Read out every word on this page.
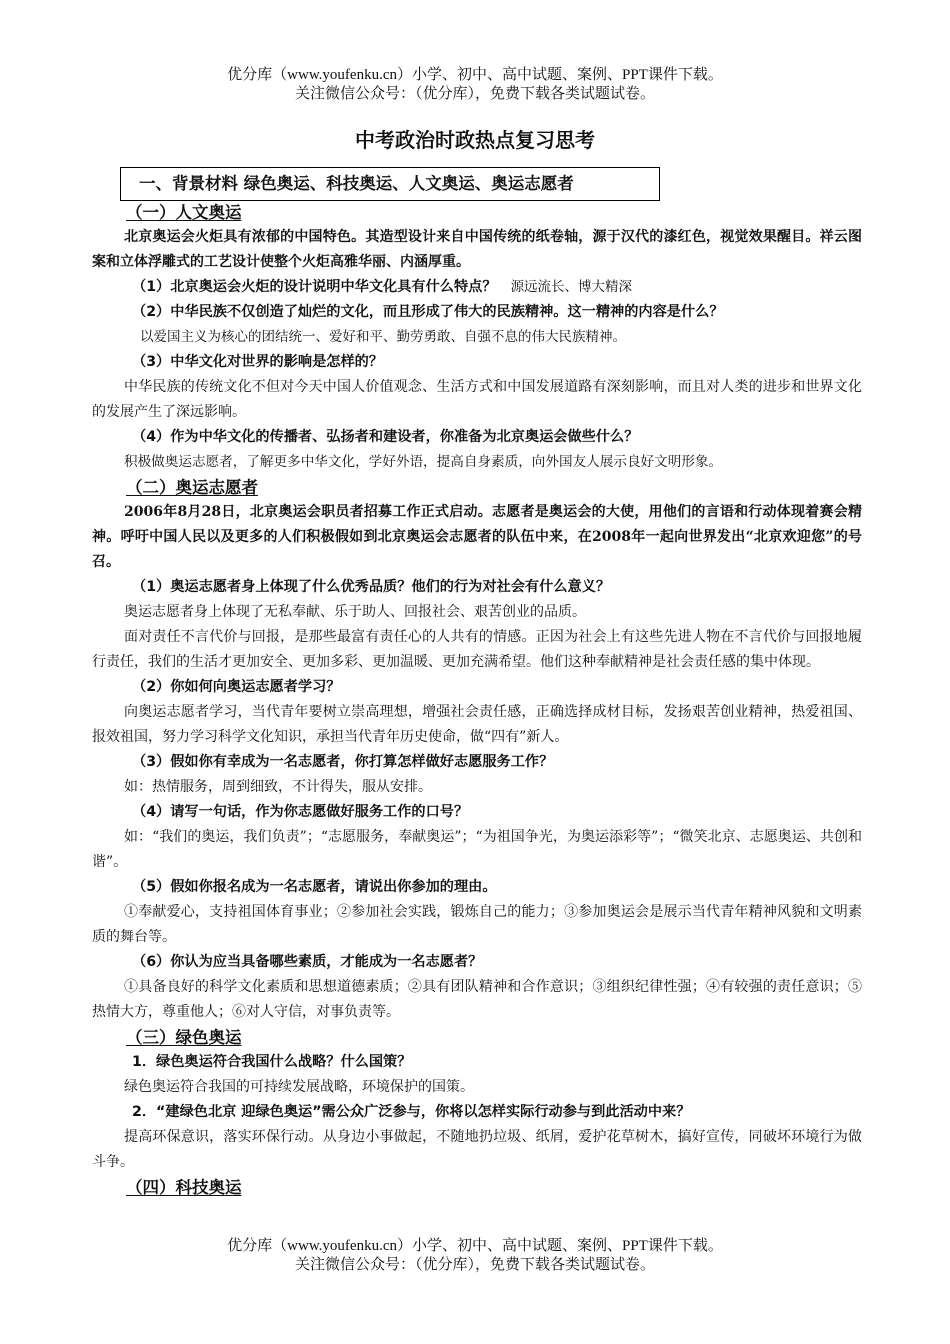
优分库（www.youfenku.cn）小学、初中、高中试题、案例、PPT课件下载。
关注微信公众号：（优分库），免费下载各类试题试卷。
中考政治时政热点复习思考
一、背景材料 绿色奥运、科技奥运、人文奥运、奥运志愿者
（一）人文奥运
北京奥运会火炬具有浓郁的中国特色。其造型设计来自中国传统的纸卷轴，源于汉代的漆红色，视觉效果醒目。祥云图案和立体浮雕式的工艺设计使整个火炬高雅华丽、内涵厚重。
（1）北京奥运会火炬的设计说明中华文化具有什么特点？ 源远流长、博大精深
（2）中华民族不仅创造了灿烂的文化，而且形成了伟大的民族精神。这一精神的内容是什么？
以爱国主义为核心的团结统一、爱好和平、勤劳勇敢、自强不息的伟大民族精神。
（3）中华文化对世界的影响是怎样的？
中华民族的传统文化不但对今天中国人价值观念、生活方式和中国发展道路有深刻影响，而且对人类的进步和世界文化的发展产生了深远影响。
（4）作为中华文化的传播者、弘扬者和建设者，你准备为北京奥运会做些什么？
积极做奥运志愿者，了解更多中华文化，学好外语，提高自身素质，向外国友人展示良好文明形象。
（二）奥运志愿者
2006年8月28日，北京奥运会职员者招募工作正式启动。志愿者是奥运会的大使，用他们的言语和行动体现着赛会精神。呼吁中国人民以及更多的人们积极假如到北京奥运会志愿者的队伍中来，在2008年一起向世界发出“北京欢迎您”的号召。
（1）奥运志愿者身上体现了什么优秀品质？他们的行为对社会有什么意义？
奥运志愿者身上体现了无私奉献、乐于助人、回报社会、艰苦创业的品质。
面对责任不言代价与回报，是那些最富有责任心的人共有的情感。正因为社会上有这些先进人物在不言代价与回报地履行责任，我们的生活才更加安全、更加多彩、更加温暖、更加充满希望。他们这种奉献精神是社会责任感的集中体现。
（2）你如何向奥运志愿者学习？
向奥运志愿者学习，当代青年要树立崇高理想，增强社会责任感，正确选择成材目标，发扬艰苦创业精神，热爱祖国、报效祖国，努力学习科学文化知识，承担当代青年历史使命，做“四有”新人。
（3）假如你有幸成为一名志愿者，你打算怎样做好志愿服务工作？
如：热情服务，周到细致，不计得失，服从安排。
（4）请写一句话，作为你志愿做好服务工作的口号？
如：“我们的奥运，我们负责”；“志愿服务，奉献奥运”；“为祖国争光，为奥运添彩等”；“微笑北京、志愿奥运、共创和谐”。
（5）假如你报名成为一名志愿者，请说出你参加的理由。
①奉献爱心，支持祖国体育事业；②参加社会实践，锻炼自己的能力；③参加奥运会是展示当代青年精神风貌和文明素质的舞台等。
（6）你认为应当具备哪些素质，才能成为一名志愿者？
①具备良好的科学文化素质和思想道德素质；②具有团队精神和合作意识；③组织纪律性强；④有较强的责任意识；⑤热情大方，尊重他人；⑥对人守信，对事负责等。
（三）绿色奥运
1．绿色奥运符合我国什么战略？什么国策？
绿色奥运符合我国的可持续发展战略，环境保护的国策。
2．“建绿色北京 迎绿色奥运”需公众广泛参与，你将以怎样实际行动参与到此活动中来？
提高环保意识，落实环保行动。从身边小事做起，不随地扔垃圾、纸屑，爱护花草树木，搞好宣传，同破坏环境行为做斗争。
（四）科技奥运
优分库（www.youfenku.cn）小学、初中、高中试题、案例、PPT课件下载。
关注微信公众号：（优分库），免费下载各类试题试卷。
